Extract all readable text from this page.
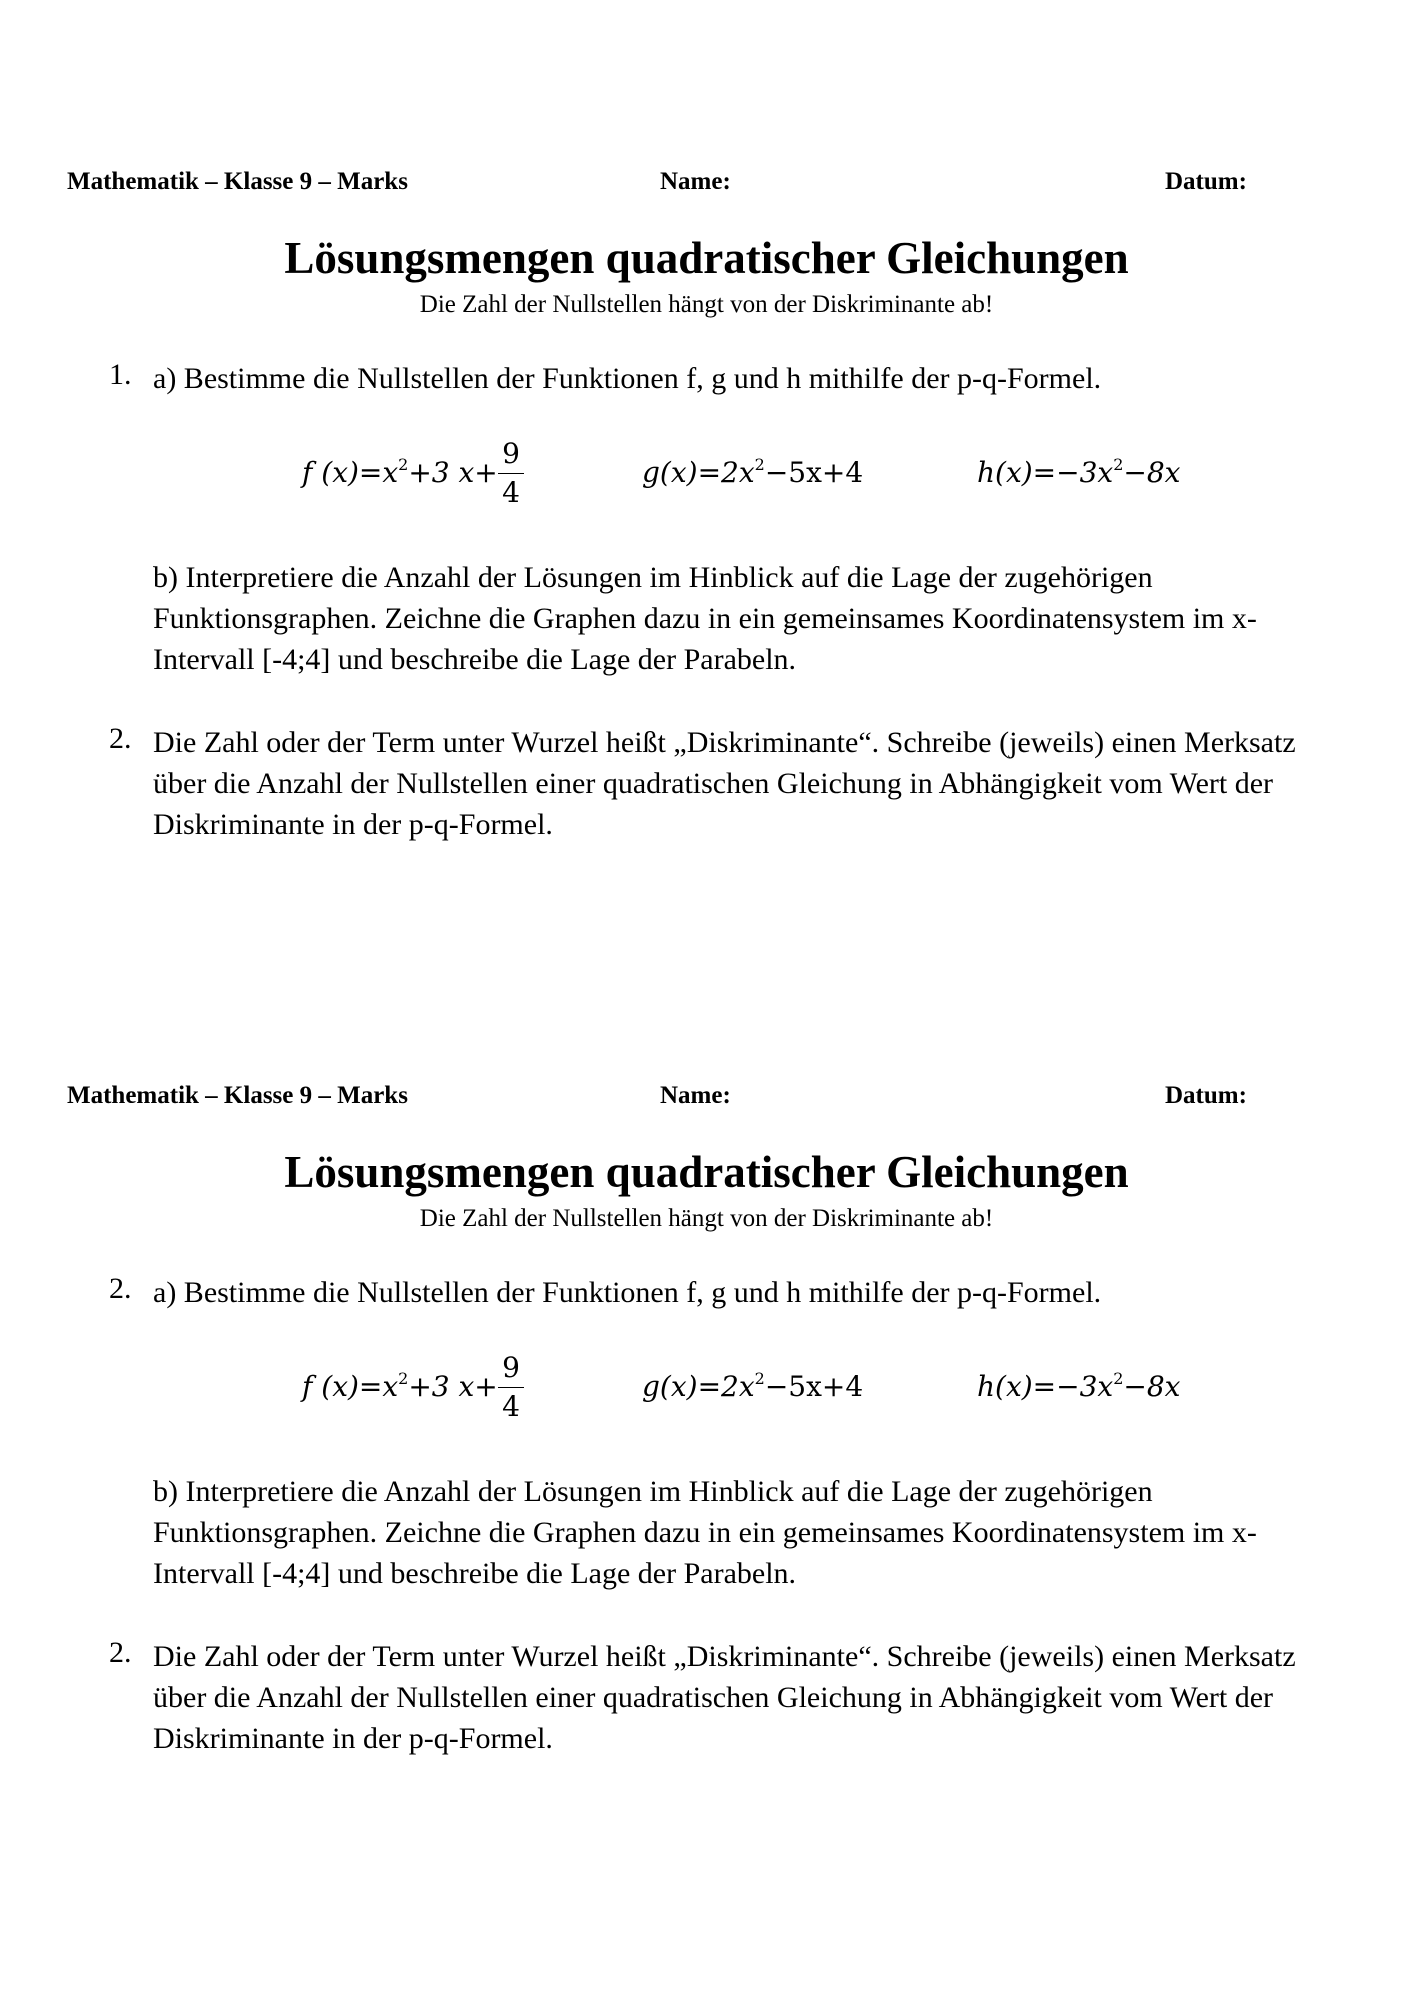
Mathematik – Klasse 9 – Marks	Name:	Datum:
Lösungsmengen quadratischer Gleichungen
Die Zahl der Nullstellen hängt von der Diskriminante ab!
1. a) Bestimme die Nullstellen der Funktionen f, g und h mithilfe der p-q-Formel.
f $(x)=x^2+3$ x+
9
4
$g(x)=2x^2-5x+4$	$h(x)=-3x^2-8x$
b) Interpretiere die Anzahl der Lösungen im Hinblick auf die Lage der zugehörigen Funktionsgraphen. Zeichne die Graphen dazu in ein gemeinsames Koordinatensystem im x-Intervall [-4;4] und beschreibe die Lage der Parabeln.
2. Die Zahl oder der Term unter Wurzel heißt „Diskriminante“. Schreibe (jeweils) einen Merksatz über die Anzahl der Nullstellen einer quadratischen Gleichung in Abhängigkeit vom Wert der Diskriminante in der p-q-Formel.
Mathematik – Klasse 9 – Marks	Name:	Datum:
Lösungsmengen quadratischer Gleichungen
Die Zahl der Nullstellen hängt von der Diskriminante ab!
2. a) Bestimme die Nullstellen der Funktionen f, g und h mithilfe der p-q-Formel.
f $(x)=x^2+3$ x+
9
4
$g(x)=2x^2-5x+4$	$h(x)=-3x^2-8x$
b) Interpretiere die Anzahl der Lösungen im Hinblick auf die Lage der zugehörigen Funktionsgraphen. Zeichne die Graphen dazu in ein gemeinsames Koordinatensystem im x-Intervall [-4;4] und beschreibe die Lage der Parabeln.
2. Die Zahl oder der Term unter Wurzel heißt „Diskriminante“. Schreibe (jeweils) einen Merksatz über die Anzahl der Nullstellen einer quadratischen Gleichung in Abhängigkeit vom Wert der Diskriminante in der p-q-Formel.
